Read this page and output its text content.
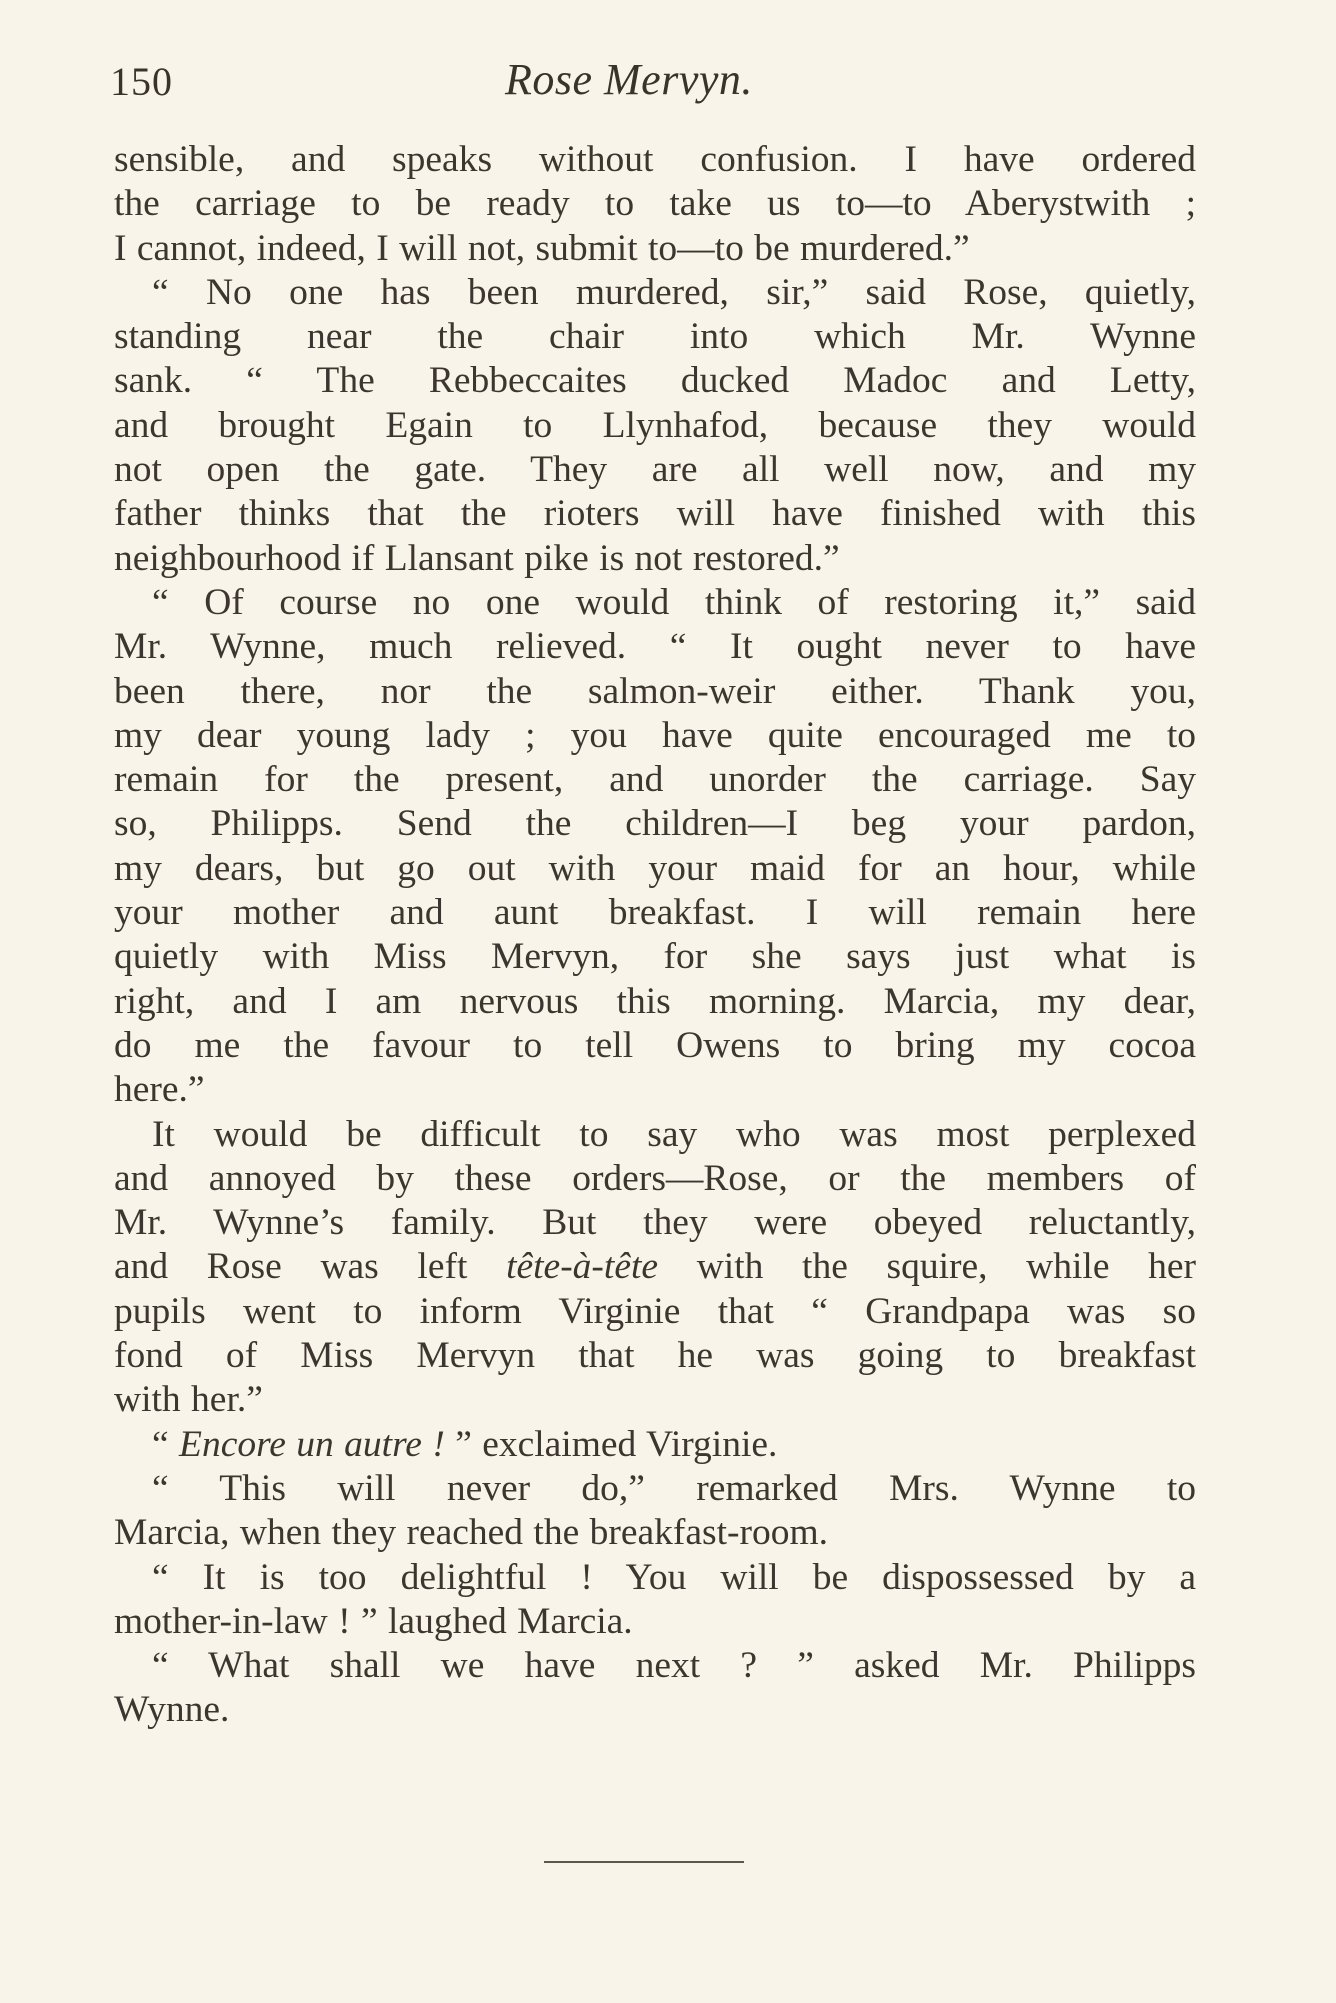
150	Rose Mervyn.
sensible, and speaks without confusion. I have ordered
the carriage to be ready to take us to—to Aberystwith ;
I cannot, indeed, I will not, submit to—to be murdered.”
“ No one has been murdered, sir,” said Rose, quietly,
standing near the chair into which Mr. Wynne
sank. “ The Rebbeccaites ducked Madoc and Letty,
and brought Egain to Llynhafod, because they would
not open the gate. They are all well now, and my
father thinks that the rioters will have finished with this
neighbourhood if Llansant pike is not restored.”
“ Of course no one would think of restoring it,” said
Mr. Wynne, much relieved. “ It ought never to have
been there, nor the salmon-weir either. Thank you,
my dear young lady ; you have quite encouraged me to
remain for the present, and unorder the carriage. Say
so, Philipps. Send the children—I beg your pardon,
my dears, but go out with your maid for an hour, while
your mother and aunt breakfast. I will remain here
quietly with Miss Mervyn, for she says just what is
right, and I am nervous this morning. Marcia, my dear,
do me the favour to tell Owens to bring my cocoa
here.”
It would be difficult to say who was most perplexed
and annoyed by these orders—Rose, or the members of
Mr. Wynne’s family. But they were obeyed reluctantly,
and Rose was left tête-à-tête with the squire, while her
pupils went to inform Virginie that “ Grandpapa was so
fond of Miss Mervyn that he was going to breakfast
with her.”
“ Encore un autre ! ” exclaimed Virginie.
“ This will never do,” remarked Mrs. Wynne to
Marcia, when they reached the breakfast-room.
“ It is too delightful ! You will be dispossessed by a
mother-in-law ! ” laughed Marcia.
“ What shall we have next ? ” asked Mr. Philipps
Wynne.
